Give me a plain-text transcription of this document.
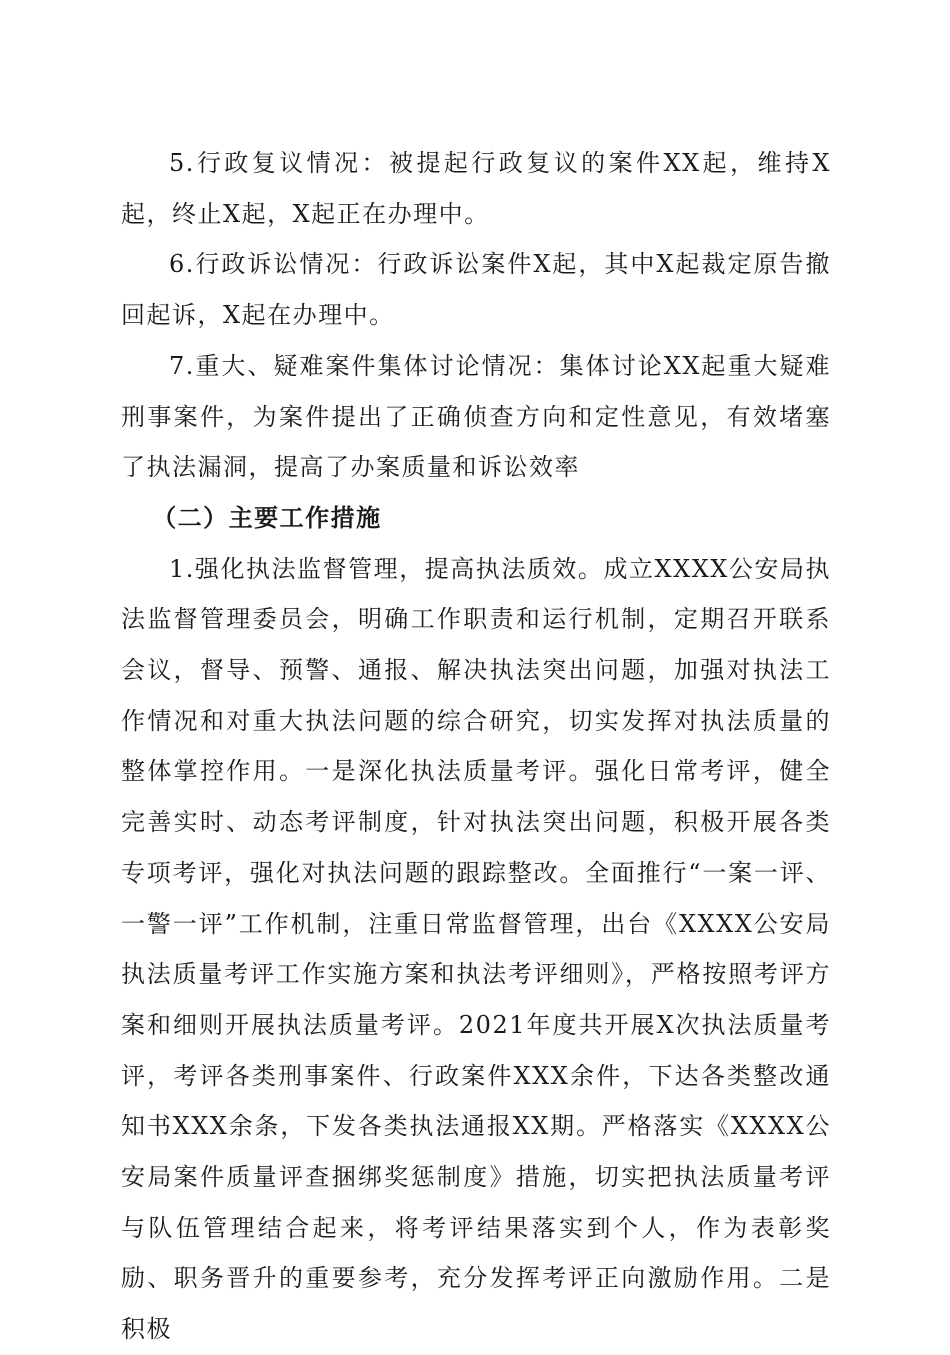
5.行政复议情况：被提起行政复议的案件XX起，维持X起，终止X起，X起正在办理中。

6.行政诉讼情况：行政诉讼案件X起，其中X起裁定原告撤回起诉，X起在办理中。

7.重大、疑难案件集体讨论情况：集体讨论XX起重大疑难刑事案件，为案件提出了正确侦查方向和定性意见，有效堵塞了执法漏洞，提高了办案质量和诉讼效率

（二）主要工作措施

1.强化执法监督管理，提高执法质效。成立XXXX公安局执法监督管理委员会，明确工作职责和运行机制，定期召开联系会议，督导、预警、通报、解决执法突出问题，加强对执法工作情况和对重大执法问题的综合研究，切实发挥对执法质量的整体掌控作用。一是深化执法质量考评。强化日常考评，健全完善实时、动态考评制度，针对执法突出问题，积极开展各类专项考评，强化对执法问题的跟踪整改。全面推行“一案一评、一警一评”工作机制，注重日常监督管理，出台《XXXX公安局执法质量考评工作实施方案和执法考评细则》，严格按照考评方案和细则开展执法质量考评。2021年度共开展X次执法质量考评，考评各类刑事案件、行政案件XXX余件，下达各类整改通知书XXX余条，下发各类执法通报XX期。严格落实《XXXX公安局案件质量评查捆绑奖惩制度》措施，切实把执法质量考评与队伍管理结合起来，将考评结果落实到个人，作为表彰奖励、职务晋升的重要参考，充分发挥考评正向激励作用。二是积极
